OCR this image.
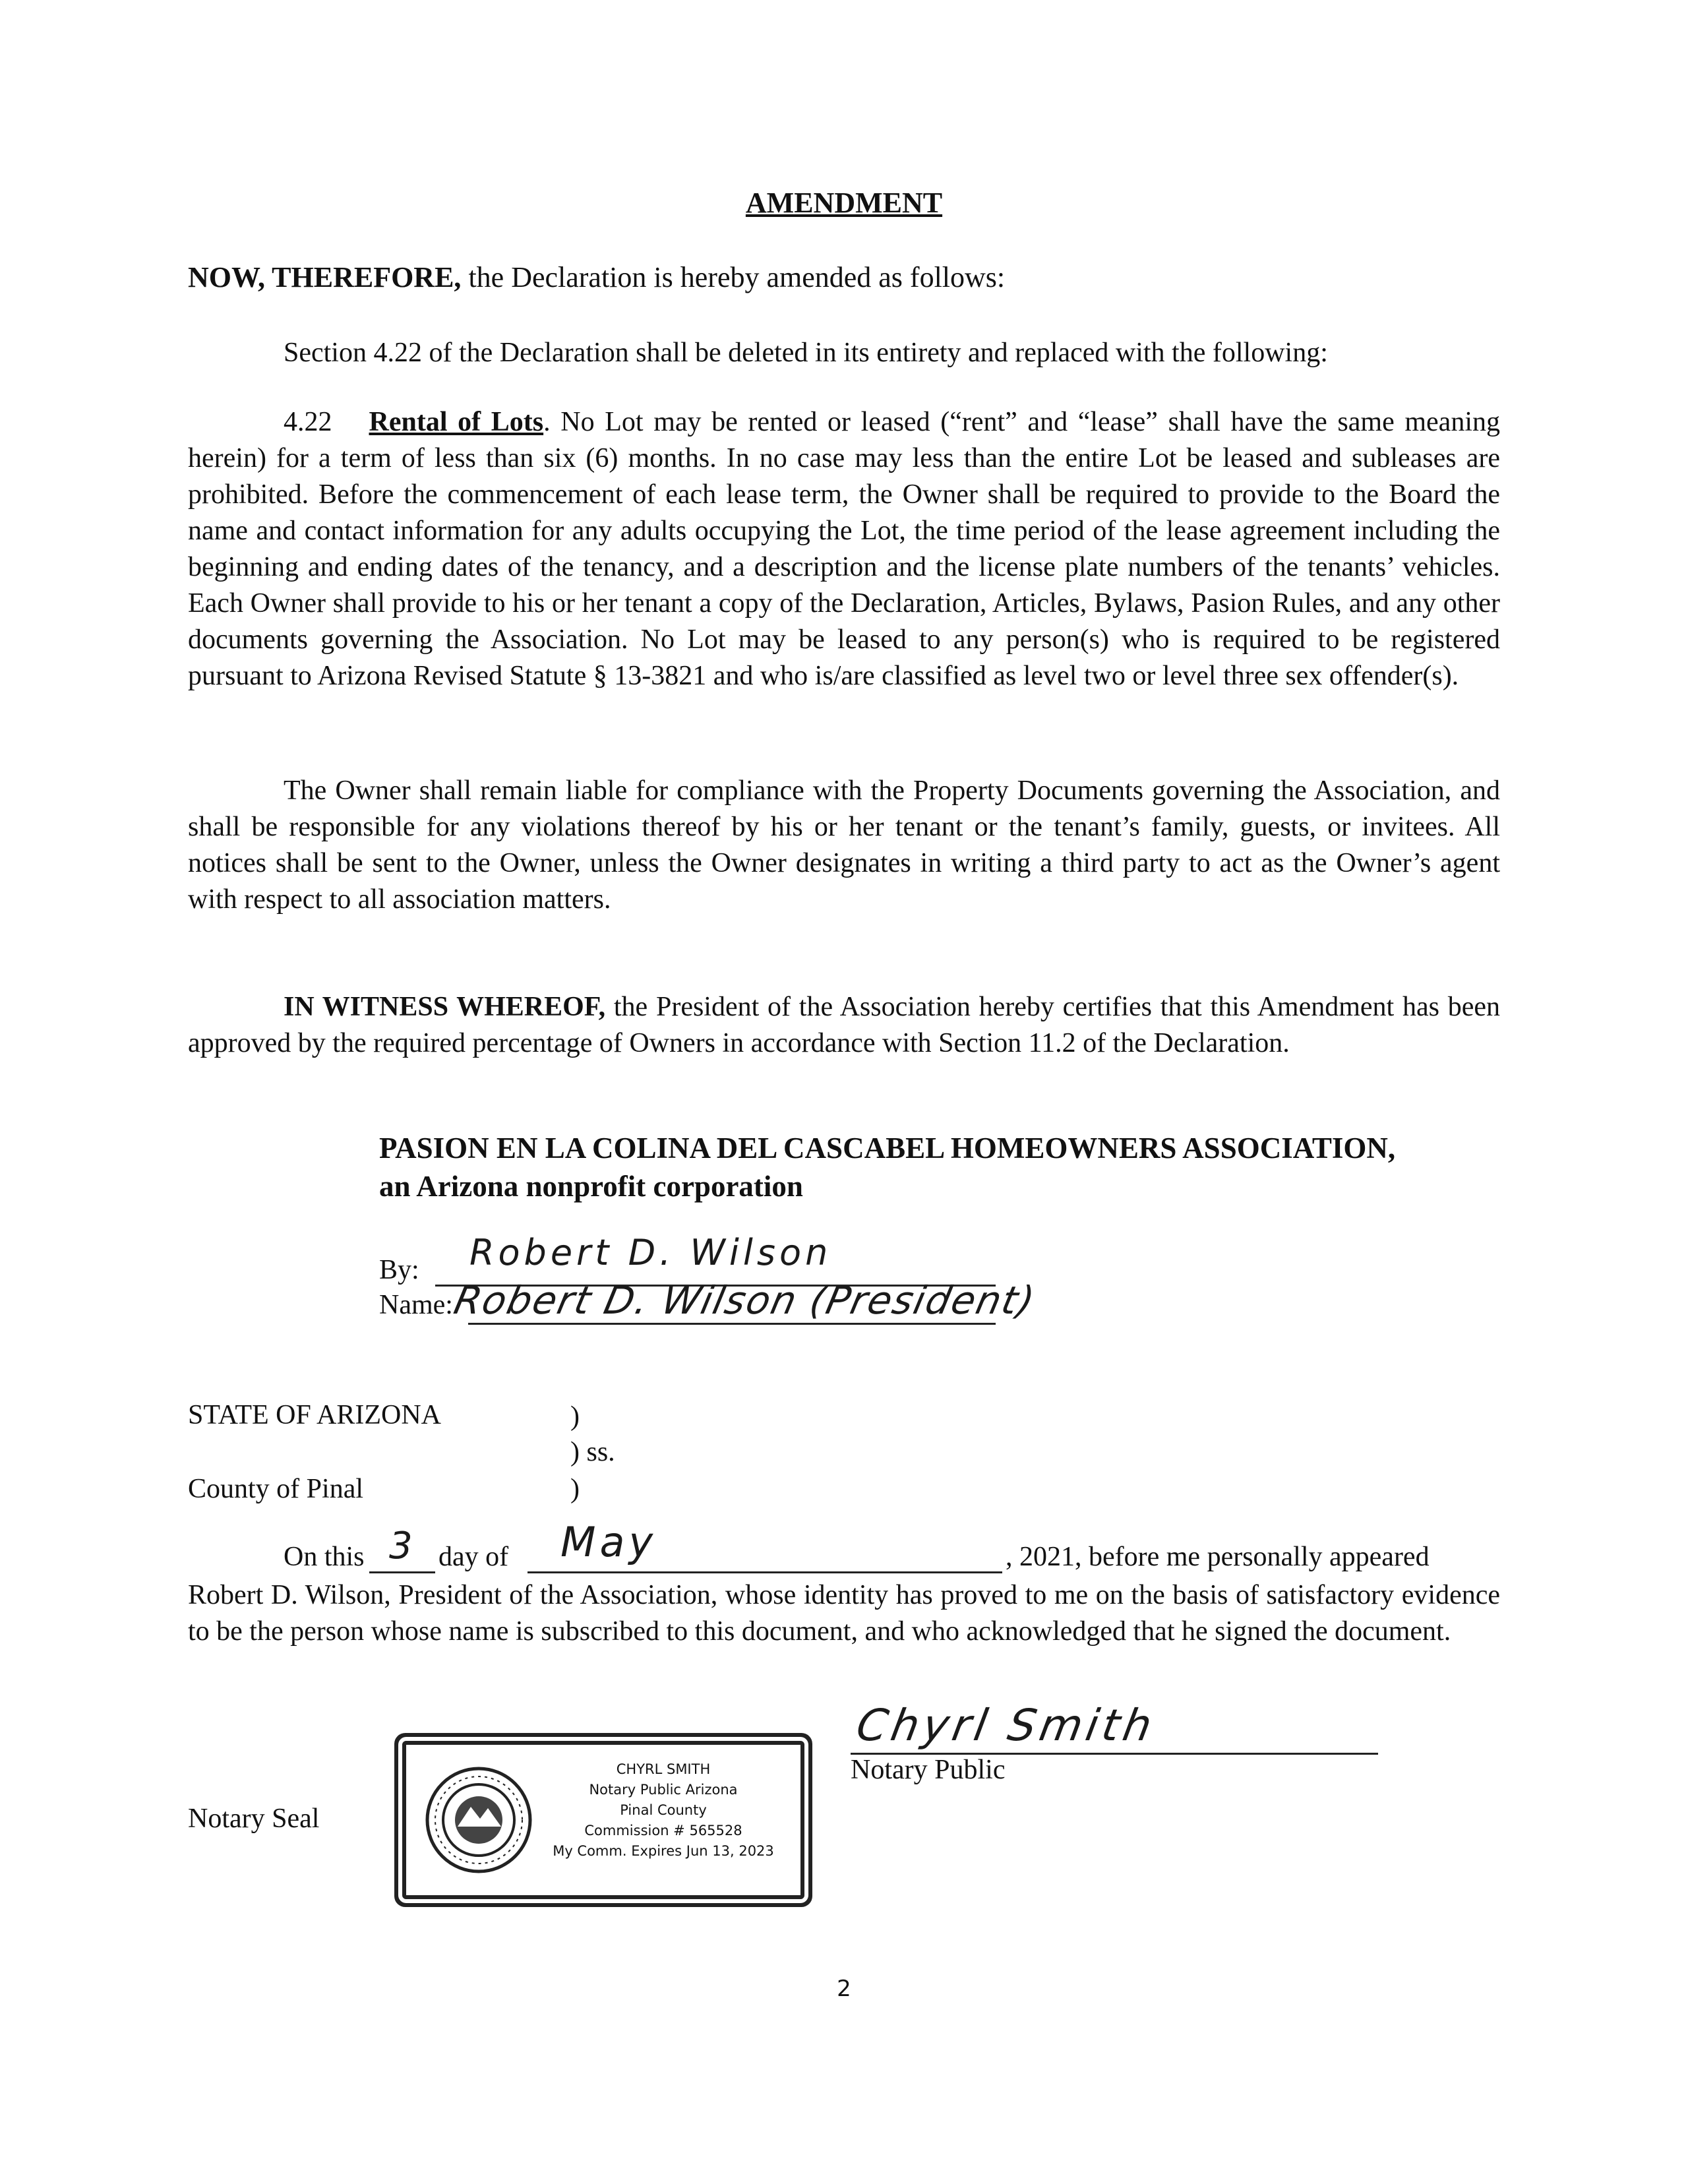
AMENDMENT

NOW, THEREFORE, the Declaration is hereby amended as follows:

Section 4.22 of the Declaration shall be deleted in its entirety and replaced with the following:

4.22 Rental of Lots. No Lot may be rented or leased (“rent” and “lease” shall have the same meaning herein) for a term of less than six (6) months. In no case may less than the entire Lot be leased and subleases are prohibited. Before the commencement of each lease term, the Owner shall be required to provide to the Board the name and contact information for any adults occupying the Lot, the time period of the lease agreement including the beginning and ending dates of the tenancy, and a description and the license plate numbers of the tenants’ vehicles. Each Owner shall provide to his or her tenant a copy of the Declaration, Articles, Bylaws, Pasion Rules, and any other documents governing the Association. No Lot may be leased to any person(s) who is required to be registered pursuant to Arizona Revised Statute § 13-3821 and who is/are classified as level two or level three sex offender(s).

The Owner shall remain liable for compliance with the Property Documents governing the Association, and shall be responsible for any violations thereof by his or her tenant or the tenant’s family, guests, or invitees. All notices shall be sent to the Owner, unless the Owner designates in writing a third party to act as the Owner’s agent with respect to all association matters.

IN WITNESS WHEREOF, the President of the Association hereby certifies that this Amendment has been approved by the required percentage of Owners in accordance with Section 11.2 of the Declaration.

PASION EN LA COLINA DEL CASCABEL HOMEOWNERS ASSOCIATION,
an Arizona nonprofit corporation
By: Robert D. Wilson
Name:
Robert D. Wilson (President)
STATE OF ARIZONA	)
) ss.
County of Pinal	)
On this 3 day of May	, 2021, before me personally appeared

Robert D. Wilson, President of the Association, whose identity has proved to me on the basis of satisfactory evidence to be the person whose name is subscribed to this document, and who acknowledged that he signed the document.

Notary Seal
CHYRL SMITH
Notary Public Arizona
Pinal County
Commission # 565528
My Comm. Expires Jun 13, 2023
Chyrl Smith
Notary Public
2
